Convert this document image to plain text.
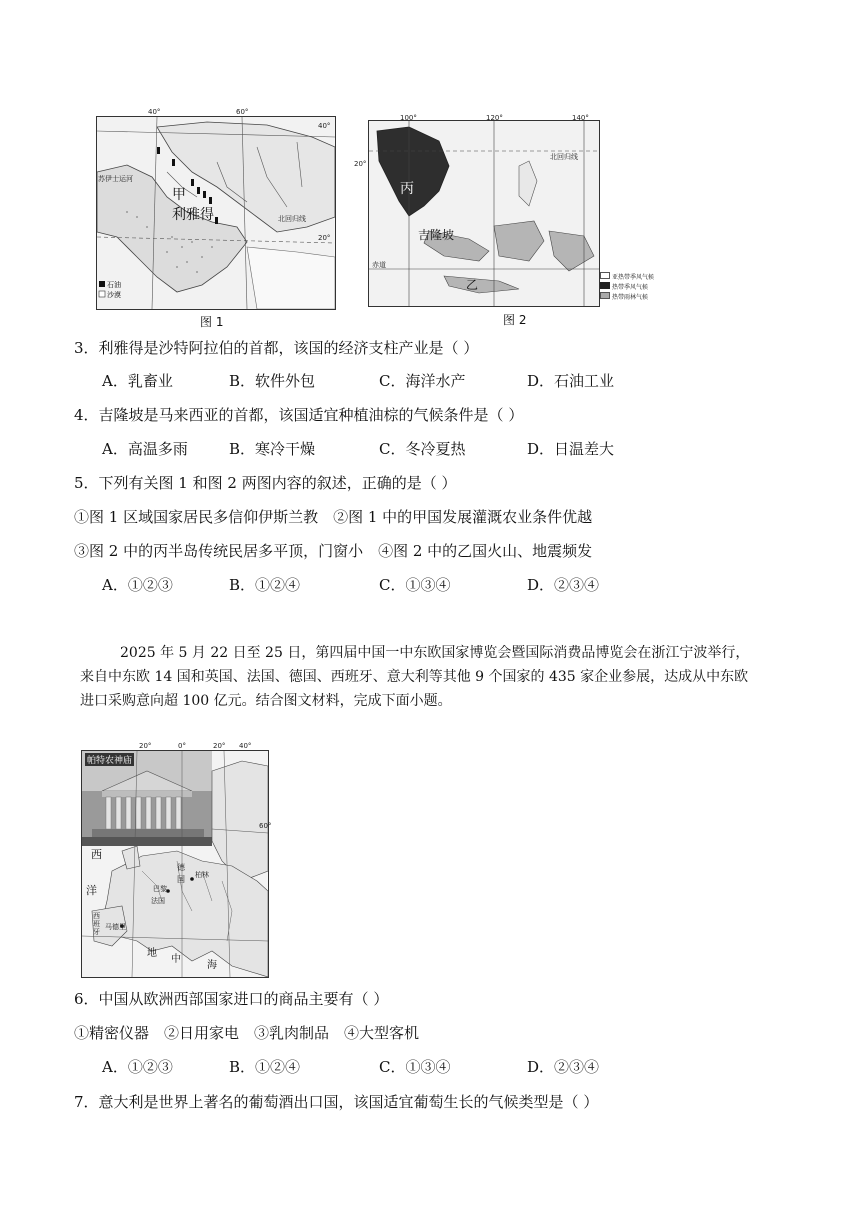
石油
沙漠
40°	60°
40°
20°
苏伊士运河
北回归线
甲
利雅得
图 1
100°	120°	140°
20°
北回归线
丙
吉隆坡
赤道
乙
亚热带季风气候
热带季风气候
热带雨林气候
图 2
3．利雅得是沙特阿拉伯的首都，该国的经济支柱产业是（ ）
A．乳畜业	B．软件外包	C．海洋水产	D．石油工业
4．吉隆坡是马来西亚的首都，该国适宜种植油棕的气候条件是（ ）
A．高温多雨	B．寒冷干燥	C．冬冷夏热	D．日温差大
5．下列有关图 1 和图 2 两图内容的叙述，正确的是（ ）
①图 1 区域国家居民多信仰伊斯兰教　②图 1 中的甲国发展灌溉农业条件优越
③图 2 中的丙半岛传统民居多平顶，门窗小　④图 2 中的乙国火山、地震频发
A．①②③	B．①②④	C．①③④	D．②③④
2025 年 5 月 22 日至 25 日，第四届中国一中东欧国家博览会暨国际消费品博览会在浙江宁波举行，
来自中东欧 14 国和英国、法国、德国、西班牙、意大利等其他 9 个国家的 435 家企业参展，达成从中东欧
进口采购意向超 100 亿元。结合图文材料，完成下面小题。
20°	0°	20° 40°
60°
帕特农神庙
西
洋
德
国 柏林
巴黎
法国
西班牙
马德里
地
中
海
6．中国从欧洲西部国家进口的商品主要有（ ）
①精密仪器　②日用家电　③乳肉制品　④大型客机
A．①②③	B．①②④	C．①③④	D．②③④
7．意大利是世界上著名的葡萄酒出口国，该国适宜葡萄生长的气候类型是（ ）
